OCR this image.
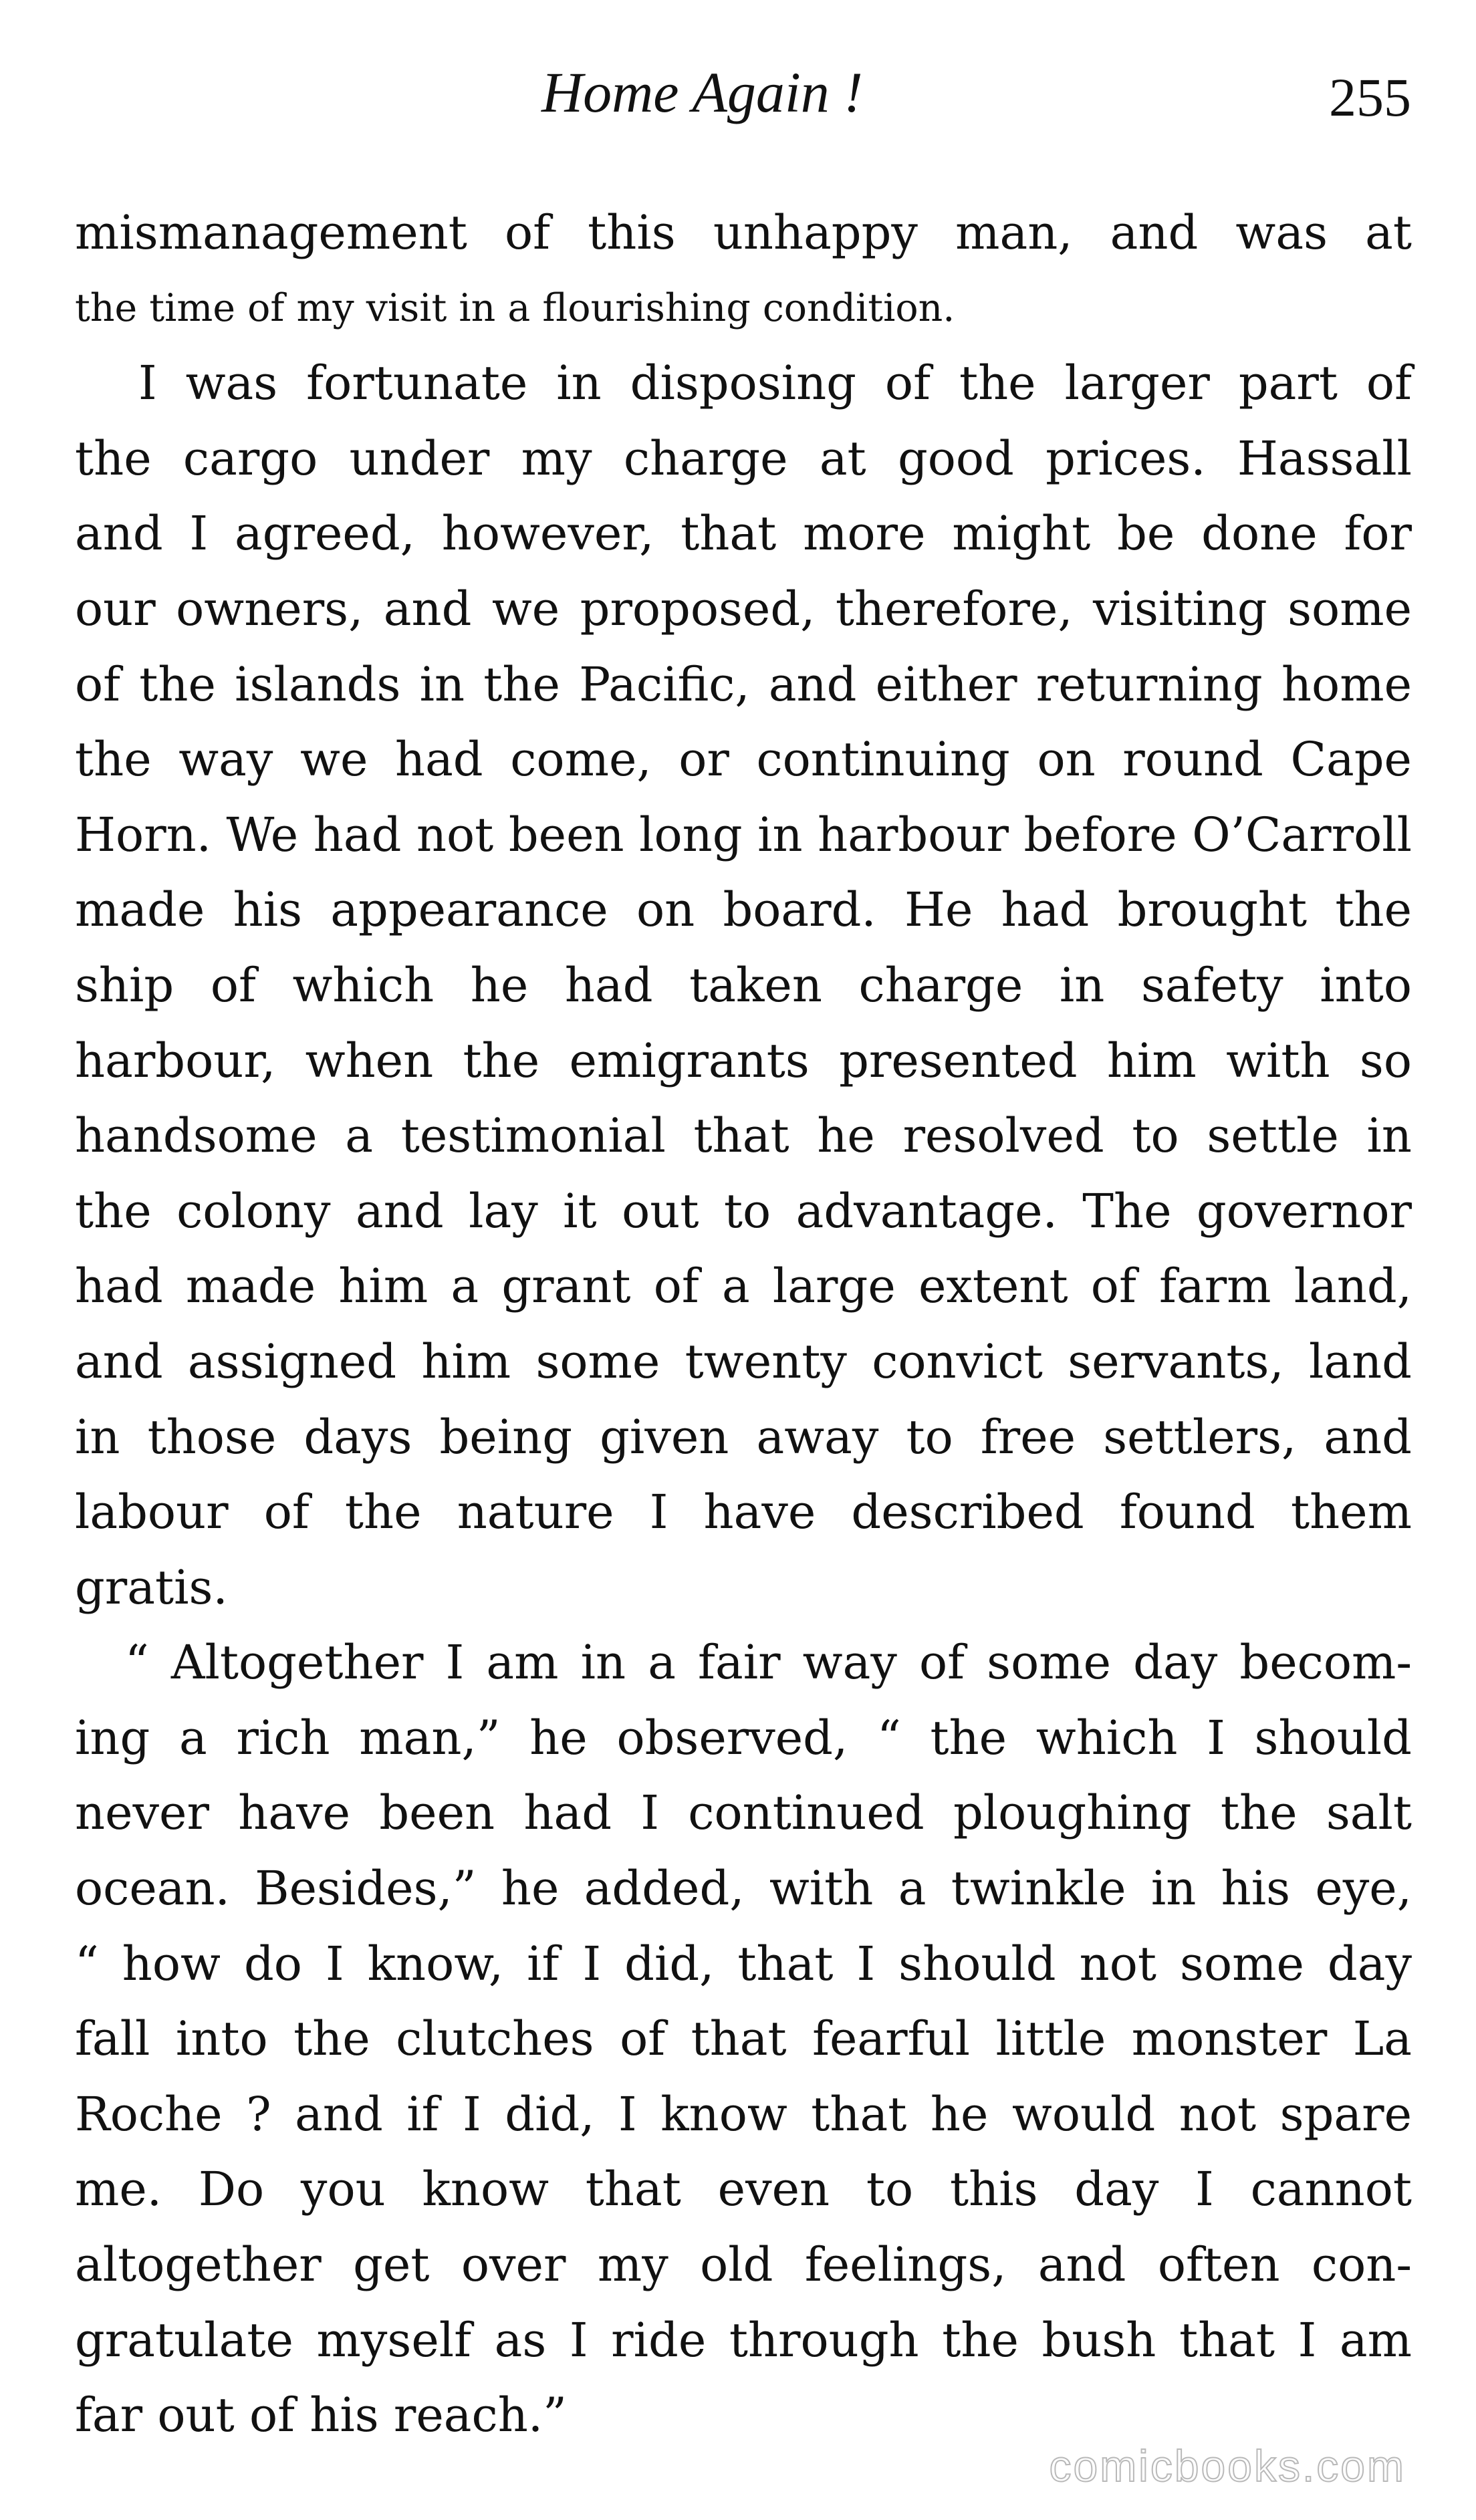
Home Again !	255
mismanagement of this unhappy man, and was at
the time of my visit in a flourishing condition.
I was fortunate in disposing of the larger part of
the cargo under my charge at good prices. Hassall
and I agreed, however, that more might be done for
our owners, and we proposed, therefore, visiting some
of the islands in the Pacific, and either returning home
the way we had come, or continuing on round Cape
Horn. We had not been long in harbour before O’Carroll
made his appearance on board. He had brought the
ship of which he had taken charge in safety into
harbour, when the emigrants presented him with so
handsome a testimonial that he resolved to settle in
the colony and lay it out to advantage. The governor
had made him a grant of a large extent of farm land,
and assigned him some twenty convict servants, land
in those days being given away to free settlers, and
labour of the nature I have described found them
gratis.
“ Altogether I am in a fair way of some day becom-
ing a rich man,” he observed, “ the which I should
never have been had I continued ploughing the salt
ocean. Besides,” he added, with a twinkle in his eye,
“ how do I know, if I did, that I should not some day
fall into the clutches of that fearful little monster La
Roche ? and if I did, I know that he would not spare
me. Do you know that even to this day I cannot
altogether get over my old feelings, and often con-
gratulate myself as I ride through the bush that I am
far out of his reach.”
comicbooks.com
